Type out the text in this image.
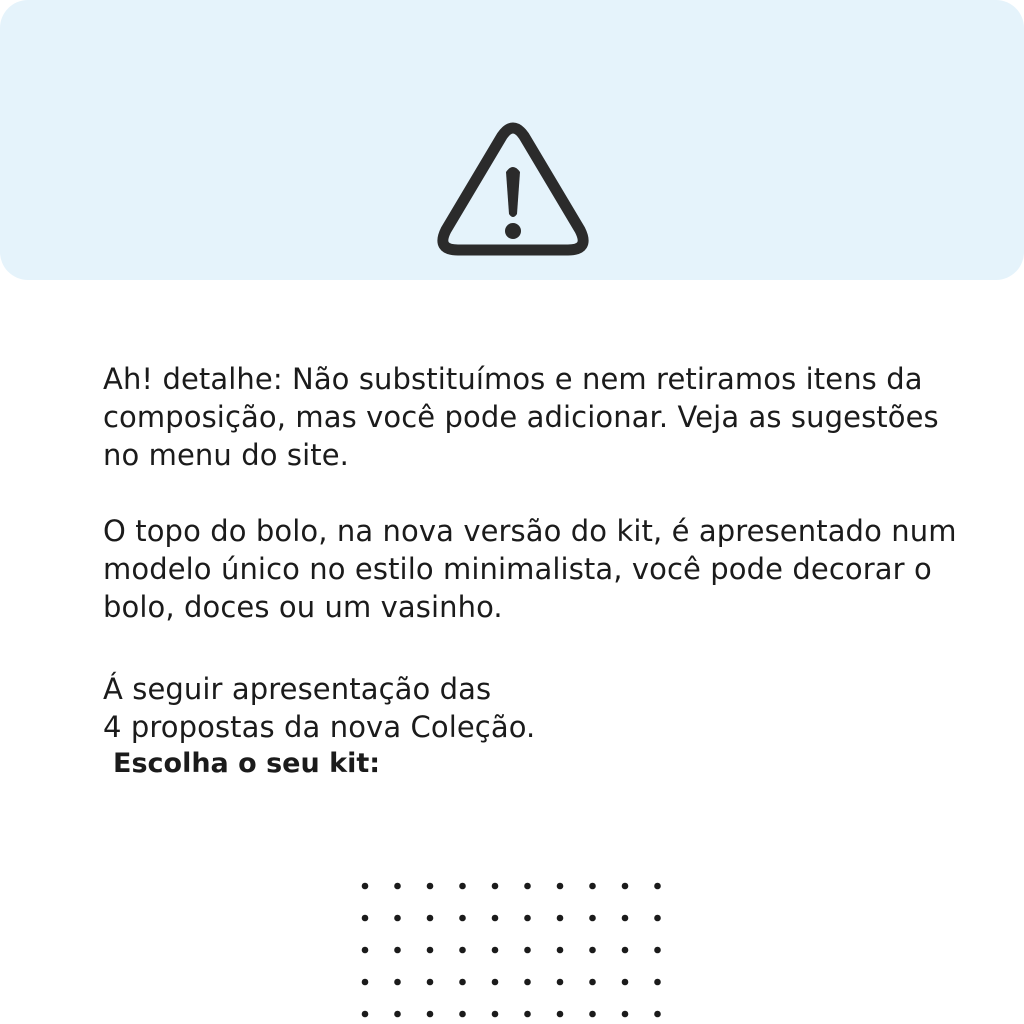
Ah! detalhe: Não substituímos e nem retiramos itens da composição, mas você pode adicionar. Veja as sugestões no menu do site.

O topo do bolo, na nova versão do kit, é apresentado num modelo único no estilo minimalista, você pode decorar o bolo, doces ou um vasinho.

Á seguir apresentação das

4 propostas da nova Coleção.

Escolha o seu kit:
